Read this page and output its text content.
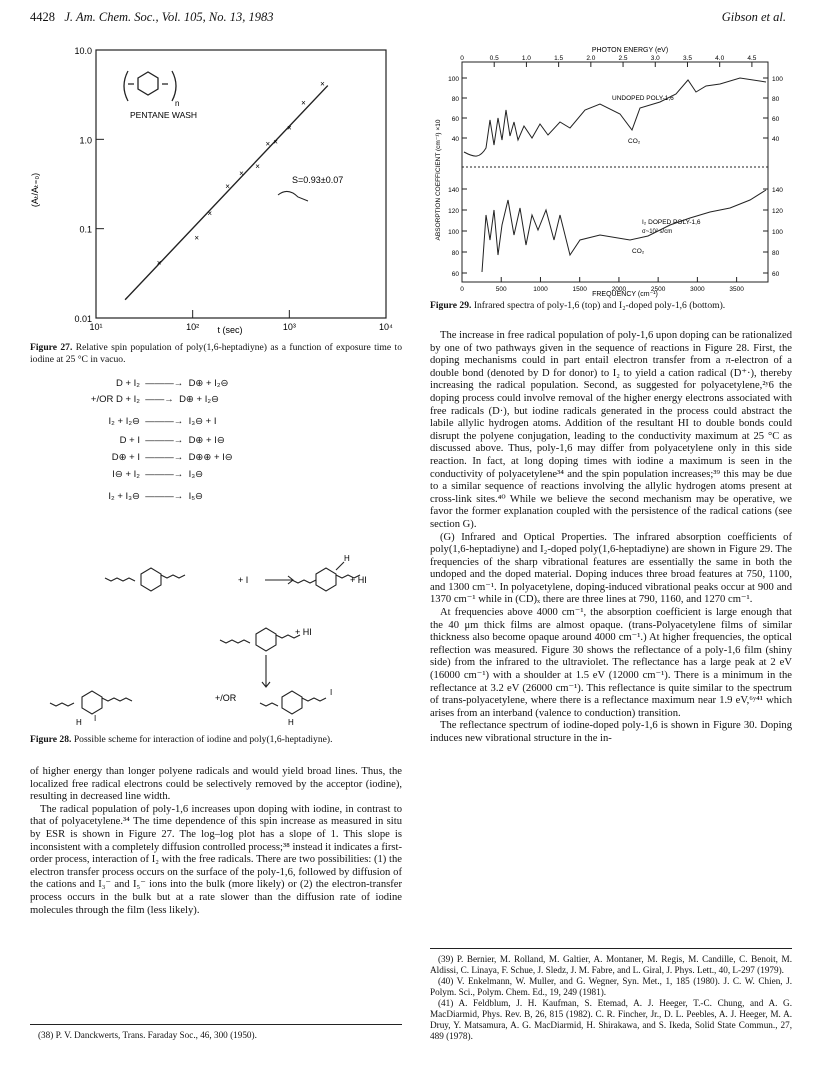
4428 J. Am. Chem. Soc., Vol. 105, No. 13, 1983	Gibson et al.
10.0
1.0
0.1
0.01
10¹	10²	10³	10⁴
×
×
×
×
×
×
× ×
×
×
×
n
PENTANE WASH
S=0.93±0.07
t (sec)
(Aₜ/Aₜ₌₀)
Figure 27. Relative spin population of poly(1,6-heptadiyne) as a function of exposure time to iodine at 25 °C in vacuo.
D + I₂ ———→ D⊕ + I₂⊖
+/OR D + I₂ ——→ D⊕ + I₂⊖
I₂ + I₂⊖ ———→ I₃⊖ + I
D + I ———→ D⊕ + I⊖
D⊕ + I ———→ D⊕⊕ + I⊖
I⊖ + I₂ ———→ I₃⊖
I₂ + I₃⊖ ———→ I₅⊖
+ I	+ HI
H
+ HI
+/OR
H I	H
I
Figure 28. Possible scheme for interaction of iodine and poly(1,6-heptadiyne).

of higher energy than longer polyene radicals and would yield broad lines. Thus, the localized free radical electrons could be selectively removed by the acceptor (iodine), resulting in decreased line width.

The radical population of poly-1,6 increases upon doping with iodine, in contrast to that of polyacetylene.³⁴ The time dependence of this spin increase as measured in situ by ESR is shown in Figure 27. The log–log plot has a slope of 1. This slope is inconsistent with a completely diffusion controlled process;³⁸ instead it indicates a first-order process, interaction of I₂ with the free radicals. There are two possibilities: (1) the electron transfer process occurs on the surface of the poly-1,6, followed by diffusion of the cations and I₃⁻ and I₅⁻ ions into the bulk (more likely) or (2) the electron-transfer process occurs in the bulk but at a rate slower than the diffusion rate of iodine molecules through the film (less likely).

(38) P. V. Danckwerts, Trans. Faraday Soc., 46, 300 (1950).

PHOTON ENERGY (eV)
FREQUENCY (cm⁻¹)
ABSORPTION COEFFICIENT (cm⁻¹) ×10
UNDOPED POLY-1,6
I₂ DOPED POLY-1,6
σ~10² s/cm
CO₂
CO₂
0	0.5	1.0	1.5	2.0	2.5	3.0	3.5	4.0	4.5
0	500	1000	1500	2000	2500	3000	3500
100	100
80	80
60	60
40	40
140	140
120	120
100	100
80	80
60	60
Figure 29. Infrared spectra of poly-1,6 (top) and I₂-doped poly-1,6 (bottom).

The increase in free radical population of poly-1,6 upon doping can be rationalized by one of two pathways given in the sequence of reactions in Figure 28. First, the doping mechanisms could in part entail electron transfer from a π-electron of a double bond (denoted by D for donor) to I₂ to yield a cation radical (D⁺·), thereby increasing the radical population. Second, as suggested for polyacetylene,²ʸ6 the doping process could involve removal of the higher energy electrons associated with free radicals (D·), but iodine radicals generated in the process could abstract the labile allylic hydrogen atoms. Addition of the resultant HI to double bonds could disrupt the polyene conjugation, leading to the conductivity maximum at 25 °C as discussed above. Thus, poly-1,6 may differ from polyacetylene only in this side reaction. In fact, at long doping times with iodine a maximum is seen in the conductivity of polyacetylene³⁴ and the spin population increases;³⁹ this may be due to a similar sequence of reactions involving the allylic hydrogen atoms present at cross-link sites.⁴⁰ While we believe the second mechanism may be operative, we favor the former explanation coupled with the persistence of the radical cations (see section G).

(G) Infrared and Optical Properties. The infrared absorption coefficients of poly(1,6-heptadiyne) and I₂-doped poly(1,6-heptadiyne) are shown in Figure 29. The frequencies of the sharp vibrational features are essentially the same in both the undoped and the doped material. Doping induces three broad features at 750, 1100, and 1300 cm⁻¹. In polyacetylene, doping-induced vibrational peaks occur at 900 and 1370 cm⁻¹ while in (CD)ₓ there are three lines at 790, 1160, and 1270 cm⁻¹.

At frequencies above 4000 cm⁻¹, the absorption coefficient is large enough that the 40 μm thick films are almost opaque. (trans-Polyacetylene films of similar thickness also become opaque around 4000 cm⁻¹.) At higher frequencies, the optical reflection was measured. Figure 30 shows the reflectance of a poly-1,6 film (shiny side) from the infrared to the ultraviolet. The reflectance has a large peak at 2 eV (16000 cm⁻¹) with a shoulder at 1.5 eV (12000 cm⁻¹). There is a minimum in the reflectance at 3.2 eV (26000 cm⁻¹). This reflectance is quite similar to the spectrum of trans-polyacetylene, where there is a reflectance maximum near 1.9 eV,⁶ʸ⁴¹ which arises from an interband (valence to conduction) transition.

The reflectance spectrum of iodine-doped poly-1,6 is shown in Figure 30. Doping induces new vibrational structure in the in-

(39) P. Bernier, M. Rolland, M. Galtier, A. Montaner, M. Regis, M. Candille, C. Benoit, M. Aldissi, C. Linaya, F. Schue, J. Sledz, J. M. Fabre, and L. Giral, J. Phys. Lett., 40, L-297 (1979).

(40) V. Enkelmann, W. Muller, and G. Wegner, Syn. Met., 1, 185 (1980). J. C. W. Chien, J. Polym. Sci., Polym. Chem. Ed., 19, 249 (1981).

(41) A. Feldblum, J. H. Kaufman, S. Etemad, A. J. Heeger, T.-C. Chung, and A. G. MacDiarmid, Phys. Rev. B, 26, 815 (1982). C. R. Fincher, Jr., D. L. Peebles, A. J. Heeger, M. A. Druy, Y. Matsamura, A. G. MacDiarmid, H. Shirakawa, and S. Ikeda, Solid State Commun., 27, 489 (1978).
